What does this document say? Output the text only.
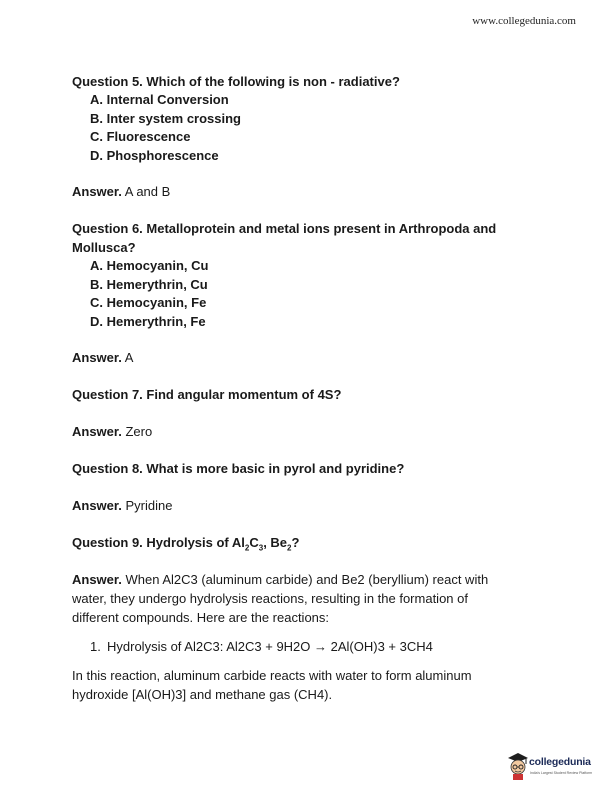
www.collegedunia.com

Question 5. Which of the following is non - radiative?

A. Internal Conversion
B. Inter system crossing
C. Fluorescence
D. Phosphorescence

Answer. A and B

Question 6. Metalloprotein and metal ions present in Arthropoda and
Mollusca?

A. Hemocyanin, Cu
B. Hemerythrin, Cu
C. Hemocyanin, Fe
D. Hemerythrin, Fe

Answer. A

Question 7. Find angular momentum of 4S?

Answer. Zero

Question 8. What is more basic in pyrol and pyridine?

Answer. Pyridine

Question 9. Hydrolysis of $Al_2C_3$, $Be_2$?

Answer. When Al2C3 (aluminum carbide) and Be2 (beryllium) react with
water, they undergo hydrolysis reactions, resulting in the formation of
different compounds. Here are the reactions:

1. Hydrolysis of Al2C3: Al2C3 + 9H2O → 2Al(OH)3 + 3CH4

In this reaction, aluminum carbide reacts with water to form aluminum
hydroxide [Al(OH)3] and methane gas (CH4).

collegedunia
India's Largest Student Review Platform
